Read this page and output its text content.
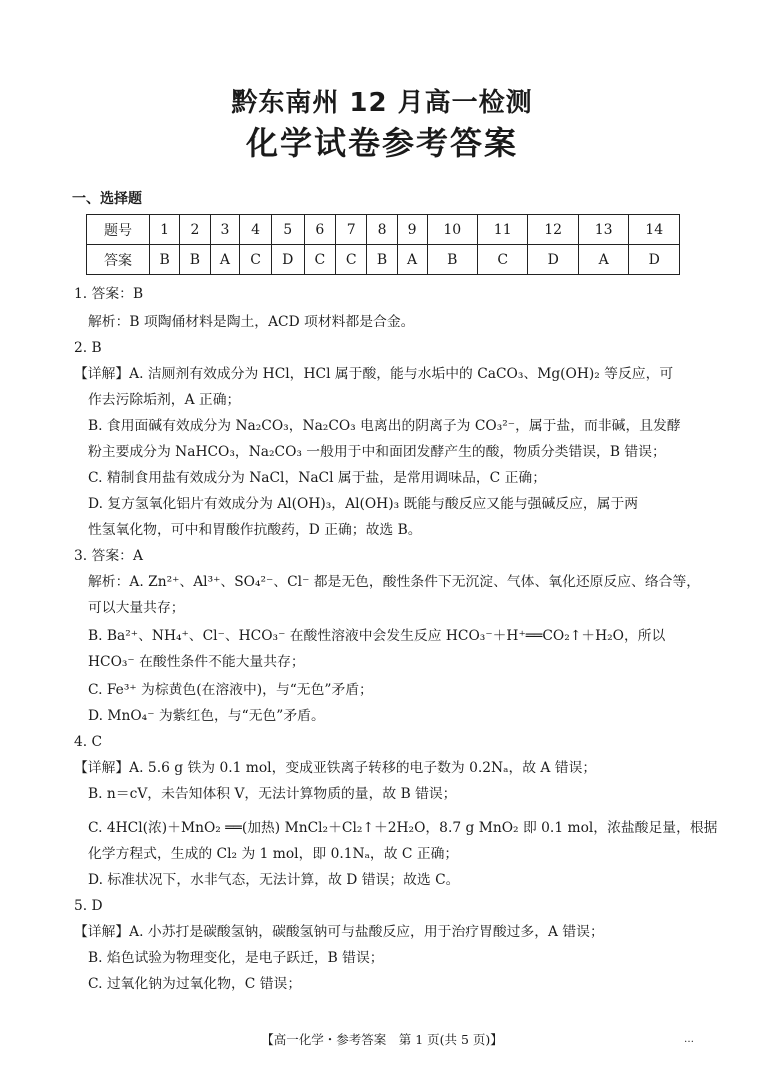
黔东南州 12 月高一检测
化学试卷参考答案
一、选择题
题号	1	2	3	4	5	6	7	8	9	10	11	12	13	14
答案	B	B	A	C	D	C	C	B	A	B	C	D	A	D
1. 答案：B
解析：B 项陶俑材料是陶土，ACD 项材料都是合金。
2. B
【详解】A. 洁厕剂有效成分为 HCl，HCl 属于酸，能与水垢中的 CaCO₃、Mg(OH)₂ 等反应，可
作去污除垢剂，A 正确；
B. 食用面碱有效成分为 Na₂CO₃，Na₂CO₃ 电离出的阴离子为 CO₃²⁻，属于盐，而非碱，且发酵
粉主要成分为 NaHCO₃，Na₂CO₃ 一般用于中和面团发酵产生的酸，物质分类错误，B 错误；
C. 精制食用盐有效成分为 NaCl，NaCl 属于盐，是常用调味品，C 正确；
D. 复方氢氧化铝片有效成分为 Al(OH)₃，Al(OH)₃ 既能与酸反应又能与强碱反应，属于两
性氢氧化物，可中和胃酸作抗酸药，D 正确；故选 B。
3. 答案：A
解析：A. Zn²⁺、Al³⁺、SO₄²⁻、Cl⁻ 都是无色，酸性条件下无沉淀、气体、氧化还原反应、络合等，
可以大量共存；
B. Ba²⁺、NH₄⁺、Cl⁻、HCO₃⁻ 在酸性溶液中会发生反应 HCO₃⁻＋H⁺══CO₂↑＋H₂O，所以
HCO₃⁻ 在酸性条件不能大量共存；
C. Fe³⁺ 为棕黄色(在溶液中)，与“无色”矛盾；
D. MnO₄⁻ 为紫红色，与“无色”矛盾。
4. C
【详解】A. 5.6 g 铁为 0.1 mol，变成亚铁离子转移的电子数为 0.2Nₐ，故 A 错误；
B. n＝cV，未告知体积 V，无法计算物质的量，故 B 错误；
C. 4HCl(浓)＋MnO₂ ══(加热) MnCl₂＋Cl₂↑＋2H₂O，8.7 g MnO₂ 即 0.1 mol，浓盐酸足量，根据
化学方程式，生成的 Cl₂ 为 1 mol，即 0.1Nₐ，故 C 正确；
D. 标准状况下，水非气态，无法计算，故 D 错误；故选 C。
5. D
【详解】A. 小苏打是碳酸氢钠，碳酸氢钠可与盐酸反应，用于治疗胃酸过多，A 错误；
B. 焰色试验为物理变化，是电子跃迁，B 错误；
C. 过氧化钠为过氧化物，C 错误；
【高一化学・参考答案　第 1 页(共 5 页)】	…
